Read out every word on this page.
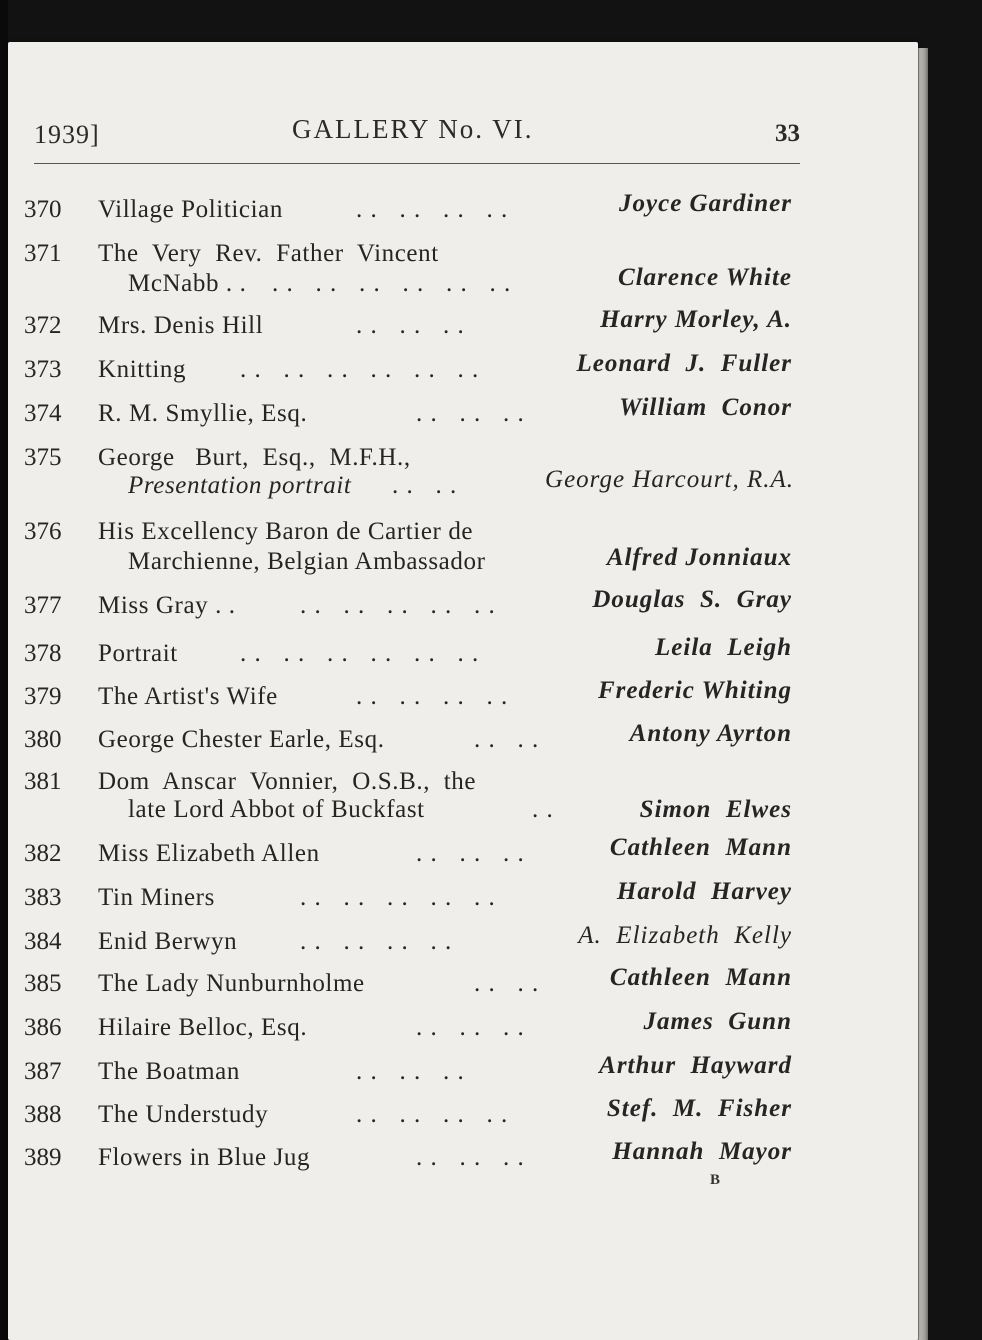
1939]	GALLERY No. VI.	33
370 Village Politician	. .   . .   . .   . .	Joyce Gardiner
371 The  Very  Rev.  Father  Vincent
McNabb . . . .   . .   . .   . .   . .   . .	Clarence White
372 Mrs. Denis Hill	. .   . .   . .	Harry Morley, A.
373 Knitting . .   . .   . .   . .   . .   . .	Leonard  J.  Fuller
374 R. M. Smyllie, Esq.	. .   . .   . .	William  Conor
375 George   Burt,  Esq.,  M.F.H.,
Presentation portrait . .   . .	George Harcourt, R.A.
376 His Excellency Baron de Cartier de
Marchienne, Belgian Ambassador	Alfred Jonniaux
377 Miss Gray . .	. .   . .   . .   . .   . .	Douglas  S.  Gray
378 Portrait . .   . .   . .   . .   . .   . .	Leila  Leigh
379 The Artist's Wife	. .   . .   . .   . .	Frederic Whiting
380 George Chester Earle, Esq.	. .   . .	Antony Ayrton
381 Dom  Anscar  Vonnier,  O.S.B.,  the
late Lord Abbot of Buckfast	. .	Simon  Elwes
382 Miss Elizabeth Allen	. .   . .   . .	Cathleen  Mann
383 Tin Miners	. .   . .   . .   . .   . .	Harold  Harvey
384 Enid Berwyn	. .   . .   . .   . .	A.  Elizabeth  Kelly
385 The Lady Nunburnholme	. .   . .	Cathleen  Mann
386 Hilaire Belloc, Esq.	. .   . .   . .	James  Gunn
387 The Boatman	. .   . .   . .	Arthur  Hayward
388 The Understudy	. .   . .   . .   . .	Stef.  M.  Fisher
389 Flowers in Blue Jug	. .   . .   . .	Hannah  Mayor
B
